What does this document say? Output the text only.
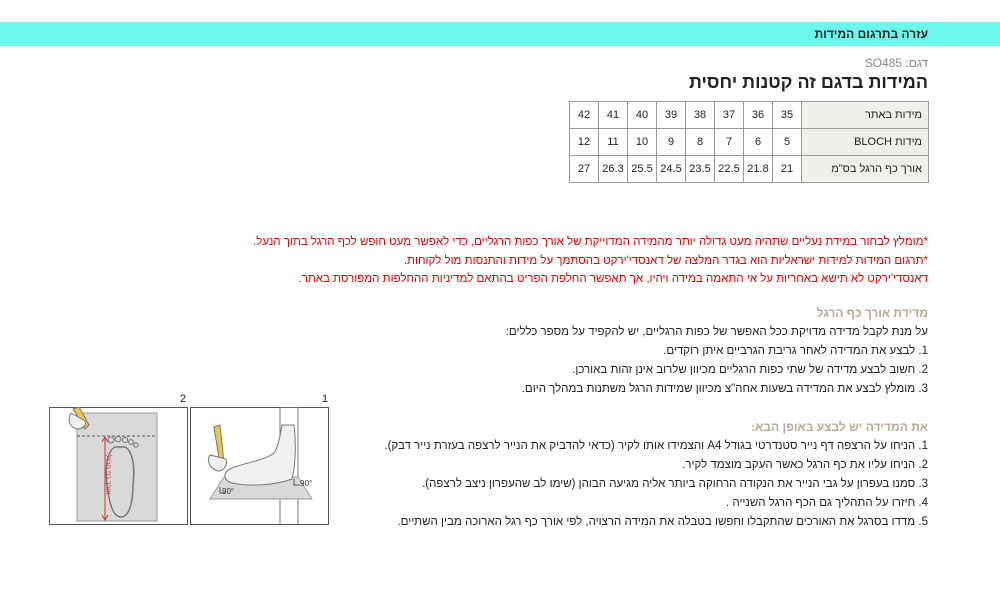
עזרה בתרגום המידות
דגם: SO485
המידות בדגם זה קטנות יחסית
42	41	40	39	38	37	36	35	מידות באתר
12	11	10	9	8	7	6	5	מידות BLOCH
27	26.3	25.5	24.5	23.5	22.5	21.8	21	אורך כף הרגל בס"מ

*מומלץ לבחור במידת נעליים שתהיה מעט גדולה יותר מהמידה המדוייקת של אורך כפות הרגליים, כדי לאפשר מעט חופש לכף הרגל בתוך הנעל.

*תרגום המידות למידות ישראליות הוא בגדר המלצה של דאנסדי'ירקט בהסתמך על מידות והתנסות מול לקוחות.

דאנסדי'ירקט לא תישא באחריות על אי התאמה במידה ויהיו, אך תאפשר החלפת הפריט בהתאם למדיניות ההחלפות המפורסת באתר.

מדידת אורך כף הרגל

על מנת לקבל מדידה מדויקת ככל האפשר של כפות הרגליים, יש להקפיד על מספר כללים:

1. לבצע את המדידה לאחר גריבת הגרביים איתן רוקדים.

2. חשוב לבצע מדידה של שתי כפות הרגליים מכיוון שלרוב אינן זהות באורכן.

3. מומלץ לבצע את המדידה בשעות אחה"צ מכיוון שמידות הרגל משתנות במהלך היום.

את המדידה יש לבצע באופן הבא:

1. הניחו על הרצפה דף נייר סטנדרטי בגודל A4 והצמידו אותו לקיר (כדאי להדביק את הנייר לרצפה בעזרת נייר דבק).

2. הניחו עליו את כף הרגל כאשר העקב מוצמד לקיר.

3. סמנו בעפרון על גבי הנייר את הנקודה הרחוקה ביותר אליה מגיעה הבוהן (שימו לב שהעפרון ניצב לרצפה).

4. חיזרו על התהליך גם הכף הרגל השנייה .

5. מדדו בסרגל את האורכים שהתקבלו וחפשו בטבלה את המידה הרצויה, לפי אורך כף רגל הארוכה מבין השתיים.

2
אורך כף הרגל
1
90°
90°
